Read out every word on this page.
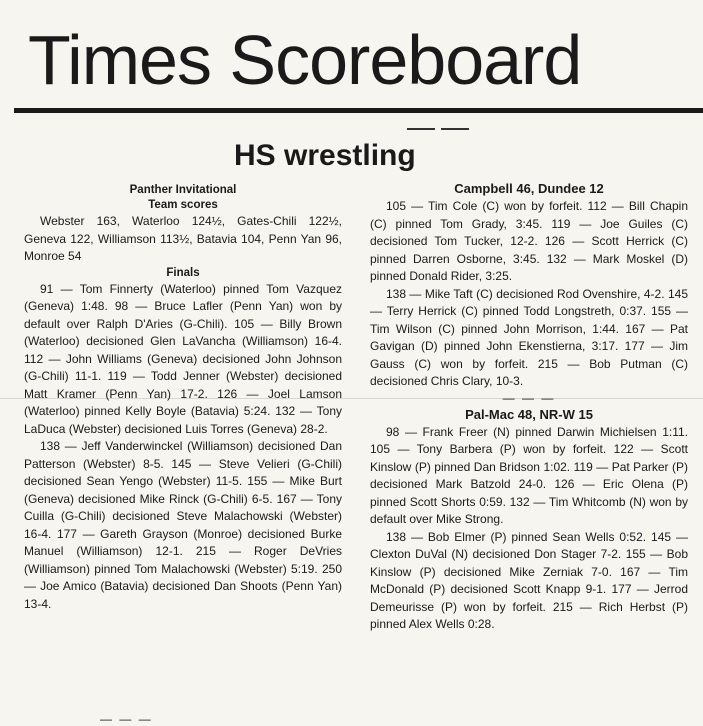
Times Scoreboard
HS wrestling

Panther Invitational

Team scores

Webster 163, Waterloo 124½, Gates-Chili 122½, Geneva 122, Williamson 113½, Batavia 104, Penn Yan 96, Monroe 54

Finals

91 — Tom Finnerty (Waterloo) pinned Tom Vazquez (Geneva) 1:48. 98 — Bruce Lafler (Penn Yan) won by default over Ralph D'Aries (G-Chili). 105 — Billy Brown (Waterloo) decisioned Glen LaVancha (Williamson) 16-4. 112 — John Williams (Geneva) decisioned John Johnson (G-Chili) 11-1. 119 — Todd Jenner (Webster) decisioned Matt Kramer (Penn Yan) 17-2. 126 — Joel Lamson (Waterloo) pinned Kelly Boyle (Batavia) 5:24. 132 — Tony LaDuca (Webster) decisioned Luis Torres (Geneva) 28-2.

138 — Jeff Vanderwinckel (Williamson) decisioned Dan Patterson (Webster) 8-5. 145 — Steve Velieri (G-Chili) decisioned Sean Yengo (Webster) 11-5. 155 — Mike Burt (Geneva) decisioned Mike Rinck (G-Chili) 6-5. 167 — Tony Cuilla (G-Chili) decisioned Steve Malachowski (Webster) 16-4. 177 — Gareth Grayson (Monroe) decisioned Burke Manuel (Williamson) 12-1. 215 — Roger DeVries (Williamson) pinned Tom Malachowski (Webster) 5:19. 250 — Joe Amico (Batavia) decisioned Dan Shoots (Penn Yan) 13-4.

— — —

Campbell 46, Dundee 12

105 — Tim Cole (C) won by forfeit. 112 — Bill Chapin (C) pinned Tom Grady, 3:45. 119 — Joe Guiles (C) decisioned Tom Tucker, 12-2. 126 — Scott Herrick (C) pinned Darren Osborne, 3:45. 132 — Mark Moskel (D) pinned Donald Rider, 3:25.

138 — Mike Taft (C) decisioned Rod Ovenshire, 4-2. 145 — Terry Herrick (C) pinned Todd Longstreth, 0:37. 155 — Tim Wilson (C) pinned John Morrison, 1:44. 167 — Pat Gavigan (D) pinned John Ekenstierna, 3:17. 177 — Jim Gauss (C) won by forfeit. 215 — Bob Putman (C) decisioned Chris Clary, 10-3.

— — —

Pal-Mac 48, NR-W 15

98 — Frank Freer (N) pinned Darwin Michielsen 1:11. 105 — Tony Barbera (P) won by forfeit. 122 — Scott Kinslow (P) pinned Dan Bridson 1:02. 119 — Pat Parker (P) decisioned Mark Batzold 24-0. 126 — Eric Olena (P) pinned Scott Shorts 0:59. 132 — Tim Whitcomb (N) won by default over Mike Strong.

138 — Bob Elmer (P) pinned Sean Wells 0:52. 145 — Clexton DuVal (N) decisioned Don Stager 7-2. 155 — Bob Kinslow (P) decisioned Mike Zerniak 7-0. 167 — Tim McDonald (P) decisioned Scott Knapp 9-1. 177 — Jerrod Demeurisse (P) won by forfeit. 215 — Rich Herbst (P) pinned Alex Wells 0:28.
